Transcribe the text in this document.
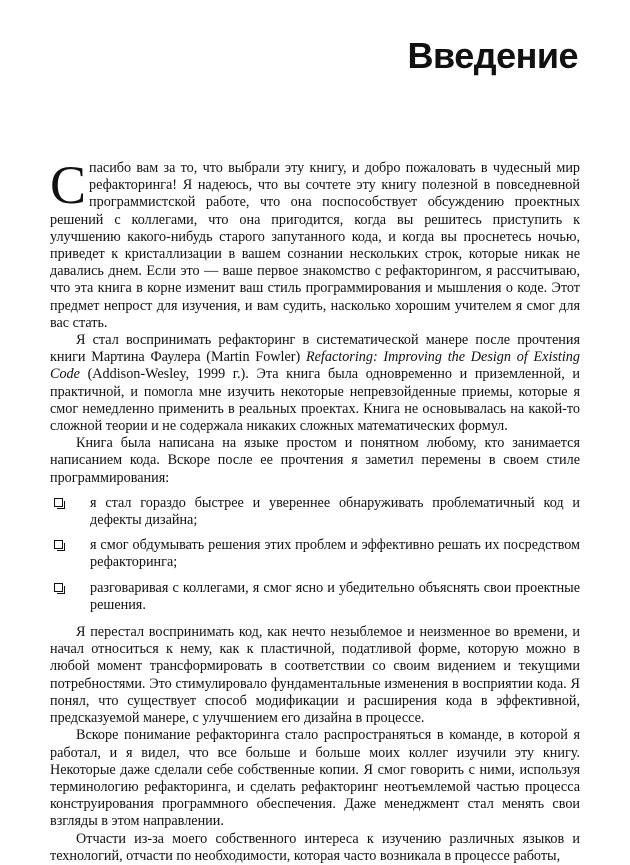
Введение

Спасибо вам за то, что выбрали эту книгу, и добро пожаловать в чудесный мир рефакторинга! Я надеюсь, что вы сочтете эту книгу полезной в повседневной программистской работе, что она поспособствует обсуждению проектных решений с коллегами, что она пригодится, когда вы решитесь приступить к улучшению какого-нибудь старого запутанного кода, и когда вы проснетесь ночью, приведет к кристаллизации в вашем сознании нескольких строк, которые никак не давались днем. Если это — ваше первое знакомство с рефакторингом, я рассчитываю, что эта книга в корне изменит ваш стиль программирования и мышления о коде. Этот предмет непрост для изучения, и вам судить, насколько хорошим учителем я смог для вас стать.

Я стал воспринимать рефакторинг в систематической манере после прочтения книги Мартина Фаулера (Martin Fowler) Refactoring: Improving the Design of Existing Code (Addison-Wesley, 1999 г.). Эта книга была одновременно и приземленной, и практичной, и помогла мне изучить некоторые непревзойденные приемы, которые я смог немедленно применить в реальных проектах. Книга не основывалась на какой-то сложной теории и не содержала никаких сложных математических формул.

Книга была написана на языке простом и понятном любому, кто занимается написанием кода. Вскоре после ее прочтения я заметил перемены в своем стиле программирования:

я стал гораздо быстрее и увереннее обнаруживать проблематичный код и дефекты дизайна;
я смог обдумывать решения этих проблем и эффективно решать их посредством рефакторинга;
разговаривая с коллегами, я смог ясно и убедительно объяснять свои проектные решения.

Я перестал воспринимать код, как нечто незыблемое и неизменное во времени, и начал относиться к нему, как к пластичной, податливой форме, которую можно в любой момент трансформировать в соответствии со своим видением и текущими потребностями. Это стимулировало фундаментальные изменения в восприятии кода. Я понял, что существует способ модификации и расширения кода в эффективной, предсказуемой манере, с улучшением его дизайна в процессе.

Вскоре понимание рефакторинга стало распространяться в команде, в которой я работал, и я видел, что все больше и больше моих коллег изучили эту книгу. Некоторые даже сделали себе собственные копии. Я смог говорить с ними, используя терминологию рефакторинга, и сделать рефакторинг неотъемлемой частью процесса конструирования программного обеспечения. Даже менеджмент стал менять свои взгляды в этом направлении.

Отчасти из-за моего собственного интереса к изучению различных языков и технологий, отчасти по необходимости, которая часто возникала в процессе работы,
